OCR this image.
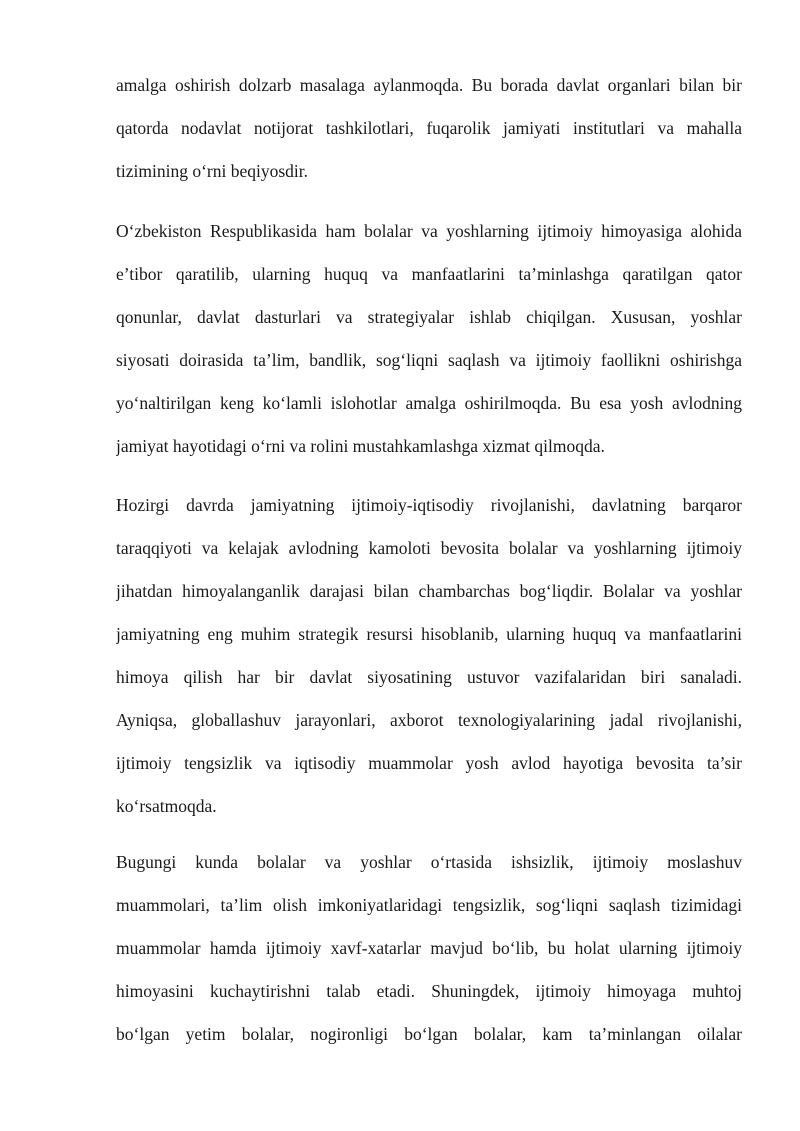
amalga oshirish dolzarb masalaga aylanmoqda. Bu borada davlat organlari bilan bir
qatorda nodavlat notijorat tashkilotlari, fuqarolik jamiyati institutlari va mahalla
tizimining o‘rni beqiyosdir.
O‘zbekiston Respublikasida ham bolalar va yoshlarning ijtimoiy himoyasiga alohida
e’tibor qaratilib, ularning huquq va manfaatlarini ta’minlashga qaratilgan qator
qonunlar, davlat dasturlari va strategiyalar ishlab chiqilgan. Xususan, yoshlar
siyosati doirasida ta’lim, bandlik, sog‘liqni saqlash va ijtimoiy faollikni oshirishga
yo‘naltirilgan keng ko‘lamli islohotlar amalga oshirilmoqda. Bu esa yosh avlodning
jamiyat hayotidagi o‘rni va rolini mustahkamlashga xizmat qilmoqda.
Hozirgi davrda jamiyatning ijtimoiy-iqtisodiy rivojlanishi, davlatning barqaror
taraqqiyoti va kelajak avlodning kamoloti bevosita bolalar va yoshlarning ijtimoiy
jihatdan himoyalanganlik darajasi bilan chambarchas bog‘liqdir. Bolalar va yoshlar
jamiyatning eng muhim strategik resursi hisoblanib, ularning huquq va manfaatlarini
himoya qilish har bir davlat siyosatining ustuvor vazifalaridan biri sanaladi.
Ayniqsa, globallashuv jarayonlari, axborot texnologiyalarining jadal rivojlanishi,
ijtimoiy tengsizlik va iqtisodiy muammolar yosh avlod hayotiga bevosita ta’sir
ko‘rsatmoqda.
Bugungi kunda bolalar va yoshlar o‘rtasida ishsizlik, ijtimoiy moslashuv
muammolari, ta’lim olish imkoniyatlaridagi tengsizlik, sog‘liqni saqlash tizimidagi
muammolar hamda ijtimoiy xavf-xatarlar mavjud bo‘lib, bu holat ularning ijtimoiy
himoyasini kuchaytirishni talab etadi. Shuningdek, ijtimoiy himoyaga muhtoj
bo‘lgan yetim bolalar, nogironligi bo‘lgan bolalar, kam ta’minlangan oilalar
